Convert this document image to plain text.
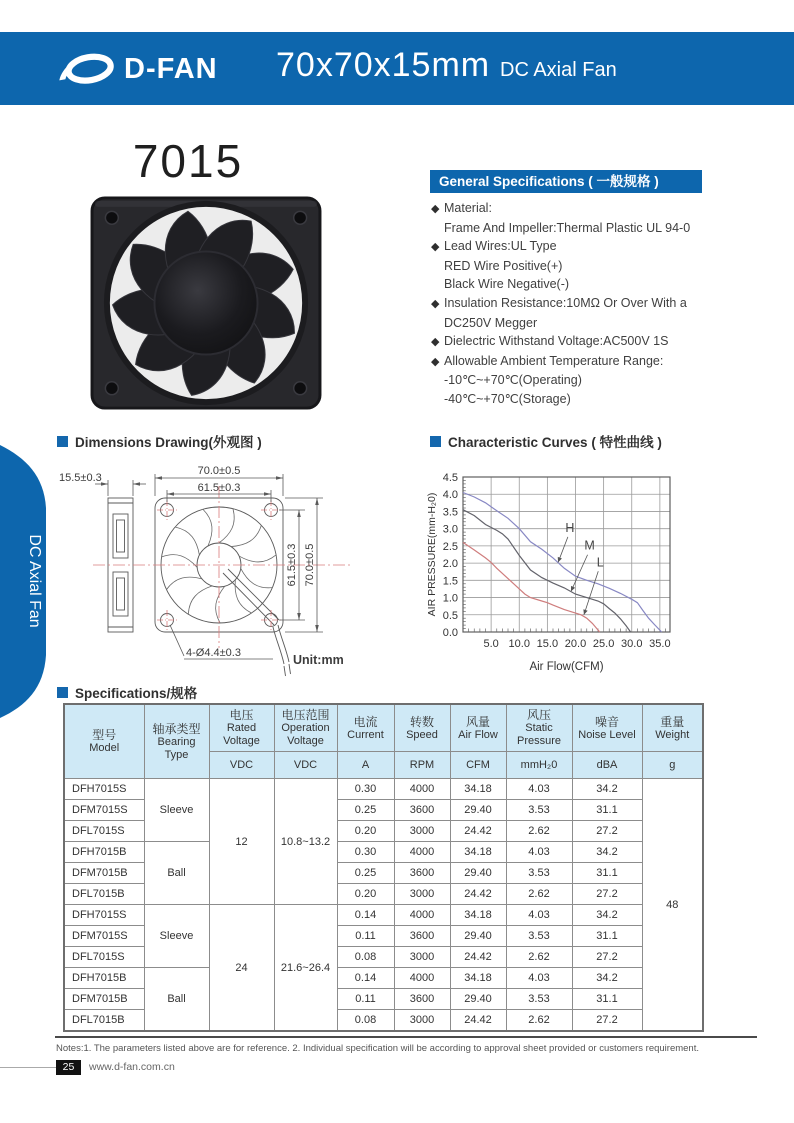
D-FAN 70x70x15mm DC Axial Fan
DC Axial Fan
7015	General Specifications ( 一般规格 )
◆ Material:
Frame And Impeller:Thermal Plastic UL 94-0
◆ Lead Wires:UL Type
RED Wire Positive(+)
Black Wire Negative(-)
◆ Insulation Resistance:10MΩ Or Over With a
DC250V Megger
◆ Dielectric Withstand Voltage:AC500V 1S
◆ Allowable Ambient Temperature Range:
-10℃~+70℃(Operating)
-40℃~+70℃(Storage)
Dimensions Drawing(外观图 )	Characteristic Curves ( 特性曲线 )
Specifications/规格
15.5±0.3
70.0±0.5
61.5±0.3
61.5±0.3 70.0±0.5
4-Ø4.4±0.3	Unit:mm
5.0 10.0 15.0 20.0 25.0 30.0 35.0
0.0
0.5
1.0
1.5
2.0
2.5
3.0
3.5
4.0
4.5
H
M
L
Air Flow(CFM)
AIR PRESSURE(mm-H₂0)
型号
Model

轴承类型
Bearing Type

电压
Rated Voltage

电压范围
Operation Voltage

电流
Current

转数
Speed

风量
Air Flow

风压
Static Pressure

噪音
Noise Level

重量
Weight

		VDC	VDC	A	RPM	CFM	mmH₂0	dBA	g
DFH7015S	Sleeve	12	10.8~13.2	0.30	4000	34.18	4.03	34.2	48
DFM7015S				0.25	3600	29.40	3.53	31.1	
DFL7015S				0.20	3000	24.42	2.62	27.2	
DFH7015B	Ball			0.30	4000	34.18	4.03	34.2	
DFM7015B				0.25	3600	29.40	3.53	31.1	
DFL7015B				0.20	3000	24.42	2.62	27.2	
DFH7015S	Sleeve	24	21.6~26.4	0.14	4000	34.18	4.03	34.2	
DFM7015S				0.11	3600	29.40	3.53	31.1	
DFL7015S				0.08	3000	24.42	2.62	27.2	
DFH7015B	Ball			0.14	4000	34.18	4.03	34.2	
DFM7015B				0.11	3600	29.40	3.53	31.1	
DFL7015B				0.08	3000	24.42	2.62	27.2	
Notes:1. The parameters listed above are for reference. 2. Individual specification will be according to approval sheet provided or customers requirement.
25	www.d-fan.com.cn
